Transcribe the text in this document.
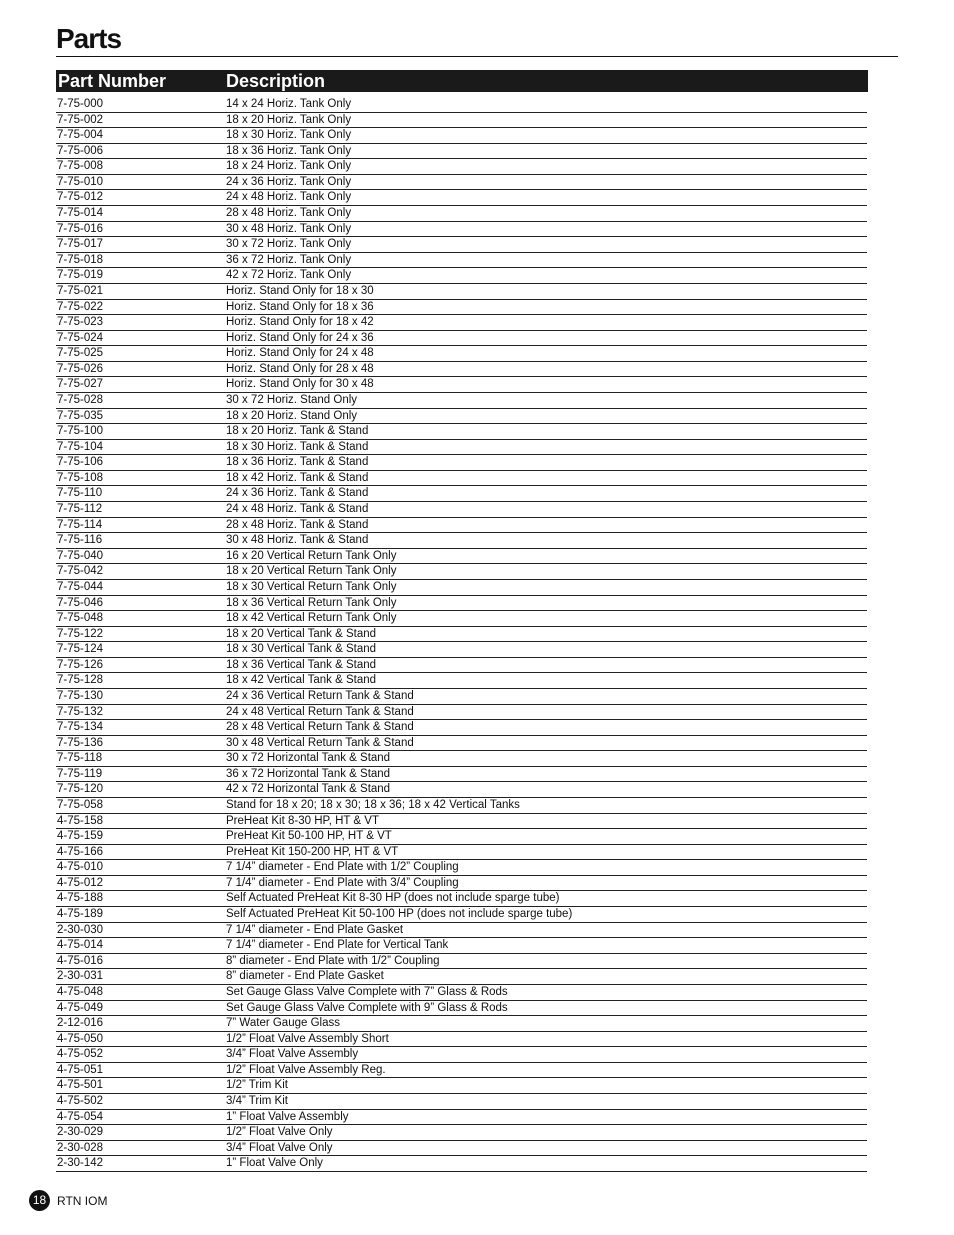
Parts
Part Number	Description
7-75-000	14 x 24 Horiz. Tank Only
7-75-002	18 x 20 Horiz. Tank Only
7-75-004	18 x 30 Horiz. Tank Only
7-75-006	18 x 36 Horiz. Tank Only
7-75-008	18 x 24 Horiz. Tank Only
7-75-010	24 x 36 Horiz. Tank Only
7-75-012	24 x 48 Horiz. Tank Only
7-75-014	28 x 48 Horiz. Tank Only
7-75-016	30 x 48 Horiz. Tank Only
7-75-017	30 x 72 Horiz. Tank Only
7-75-018	36 x 72 Horiz. Tank Only
7-75-019	42 x 72 Horiz. Tank Only
7-75-021	Horiz. Stand Only for 18 x 30
7-75-022	Horiz. Stand Only for 18 x 36
7-75-023	Horiz. Stand Only for 18 x 42
7-75-024	Horiz. Stand Only for 24 x 36
7-75-025	Horiz. Stand Only for 24 x 48
7-75-026	Horiz. Stand Only for 28 x 48
7-75-027	Horiz. Stand Only for 30 x 48
7-75-028	30 x 72 Horiz. Stand Only
7-75-035	18 x 20 Horiz. Stand Only
7-75-100	18 x 20 Horiz. Tank & Stand
7-75-104	18 x 30 Horiz. Tank & Stand
7-75-106	18 x 36 Horiz. Tank & Stand
7-75-108	18 x 42 Horiz. Tank & Stand
7-75-110	24 x 36 Horiz. Tank & Stand
7-75-112	24 x 48 Horiz. Tank & Stand
7-75-114	28 x 48 Horiz. Tank & Stand
7-75-116	30 x 48 Horiz. Tank & Stand
7-75-040	16 x 20 Vertical Return Tank Only
7-75-042	18 x 20 Vertical Return Tank Only
7-75-044	18 x 30 Vertical Return Tank Only
7-75-046	18 x 36 Vertical Return Tank Only
7-75-048	18 x 42 Vertical Return Tank Only
7-75-122	18 x 20 Vertical Tank & Stand
7-75-124	18 x 30 Vertical Tank & Stand
7-75-126	18 x 36 Vertical Tank & Stand
7-75-128	18 x 42 Vertical Tank & Stand
7-75-130	24 x 36 Vertical Return Tank & Stand
7-75-132	24 x 48 Vertical Return Tank & Stand
7-75-134	28 x 48 Vertical Return Tank & Stand
7-75-136	30 x 48 Vertical Return Tank & Stand
7-75-118	30 x 72 Horizontal Tank & Stand
7-75-119	36 x 72 Horizontal Tank & Stand
7-75-120	42 x 72 Horizontal Tank & Stand
7-75-058	Stand for 18 x 20; 18 x 30; 18 x 36; 18 x 42 Vertical Tanks
4-75-158	PreHeat Kit 8-30 HP, HT & VT
4-75-159	PreHeat Kit 50-100 HP, HT & VT
4-75-166	PreHeat Kit 150-200 HP, HT & VT
4-75-010	7 1/4” diameter - End Plate with 1/2” Coupling
4-75-012	7 1/4” diameter - End Plate with 3/4” Coupling
4-75-188	Self Actuated PreHeat Kit 8-30 HP (does not include sparge tube)
4-75-189	Self Actuated PreHeat Kit 50-100 HP (does not include sparge tube)
2-30-030	7 1/4” diameter - End Plate Gasket
4-75-014	7 1/4” diameter - End Plate for Vertical Tank
4-75-016	8” diameter - End Plate with 1/2” Coupling
2-30-031	8” diameter - End Plate Gasket
4-75-048	Set Gauge Glass Valve Complete with 7” Glass & Rods
4-75-049	Set Gauge Glass Valve Complete with 9” Glass & Rods
2-12-016	7” Water Gauge Glass
4-75-050	1/2” Float Valve Assembly Short
4-75-052	3/4” Float Valve Assembly
4-75-051	1/2” Float Valve Assembly Reg.
4-75-501	1/2” Trim Kit
4-75-502	3/4” Trim Kit
4-75-054	1” Float Valve Assembly
2-30-029	1/2” Float Valve Only
2-30-028	3/4” Float Valve Only
2-30-142	1” Float Valve Only
18 RTN IOM
